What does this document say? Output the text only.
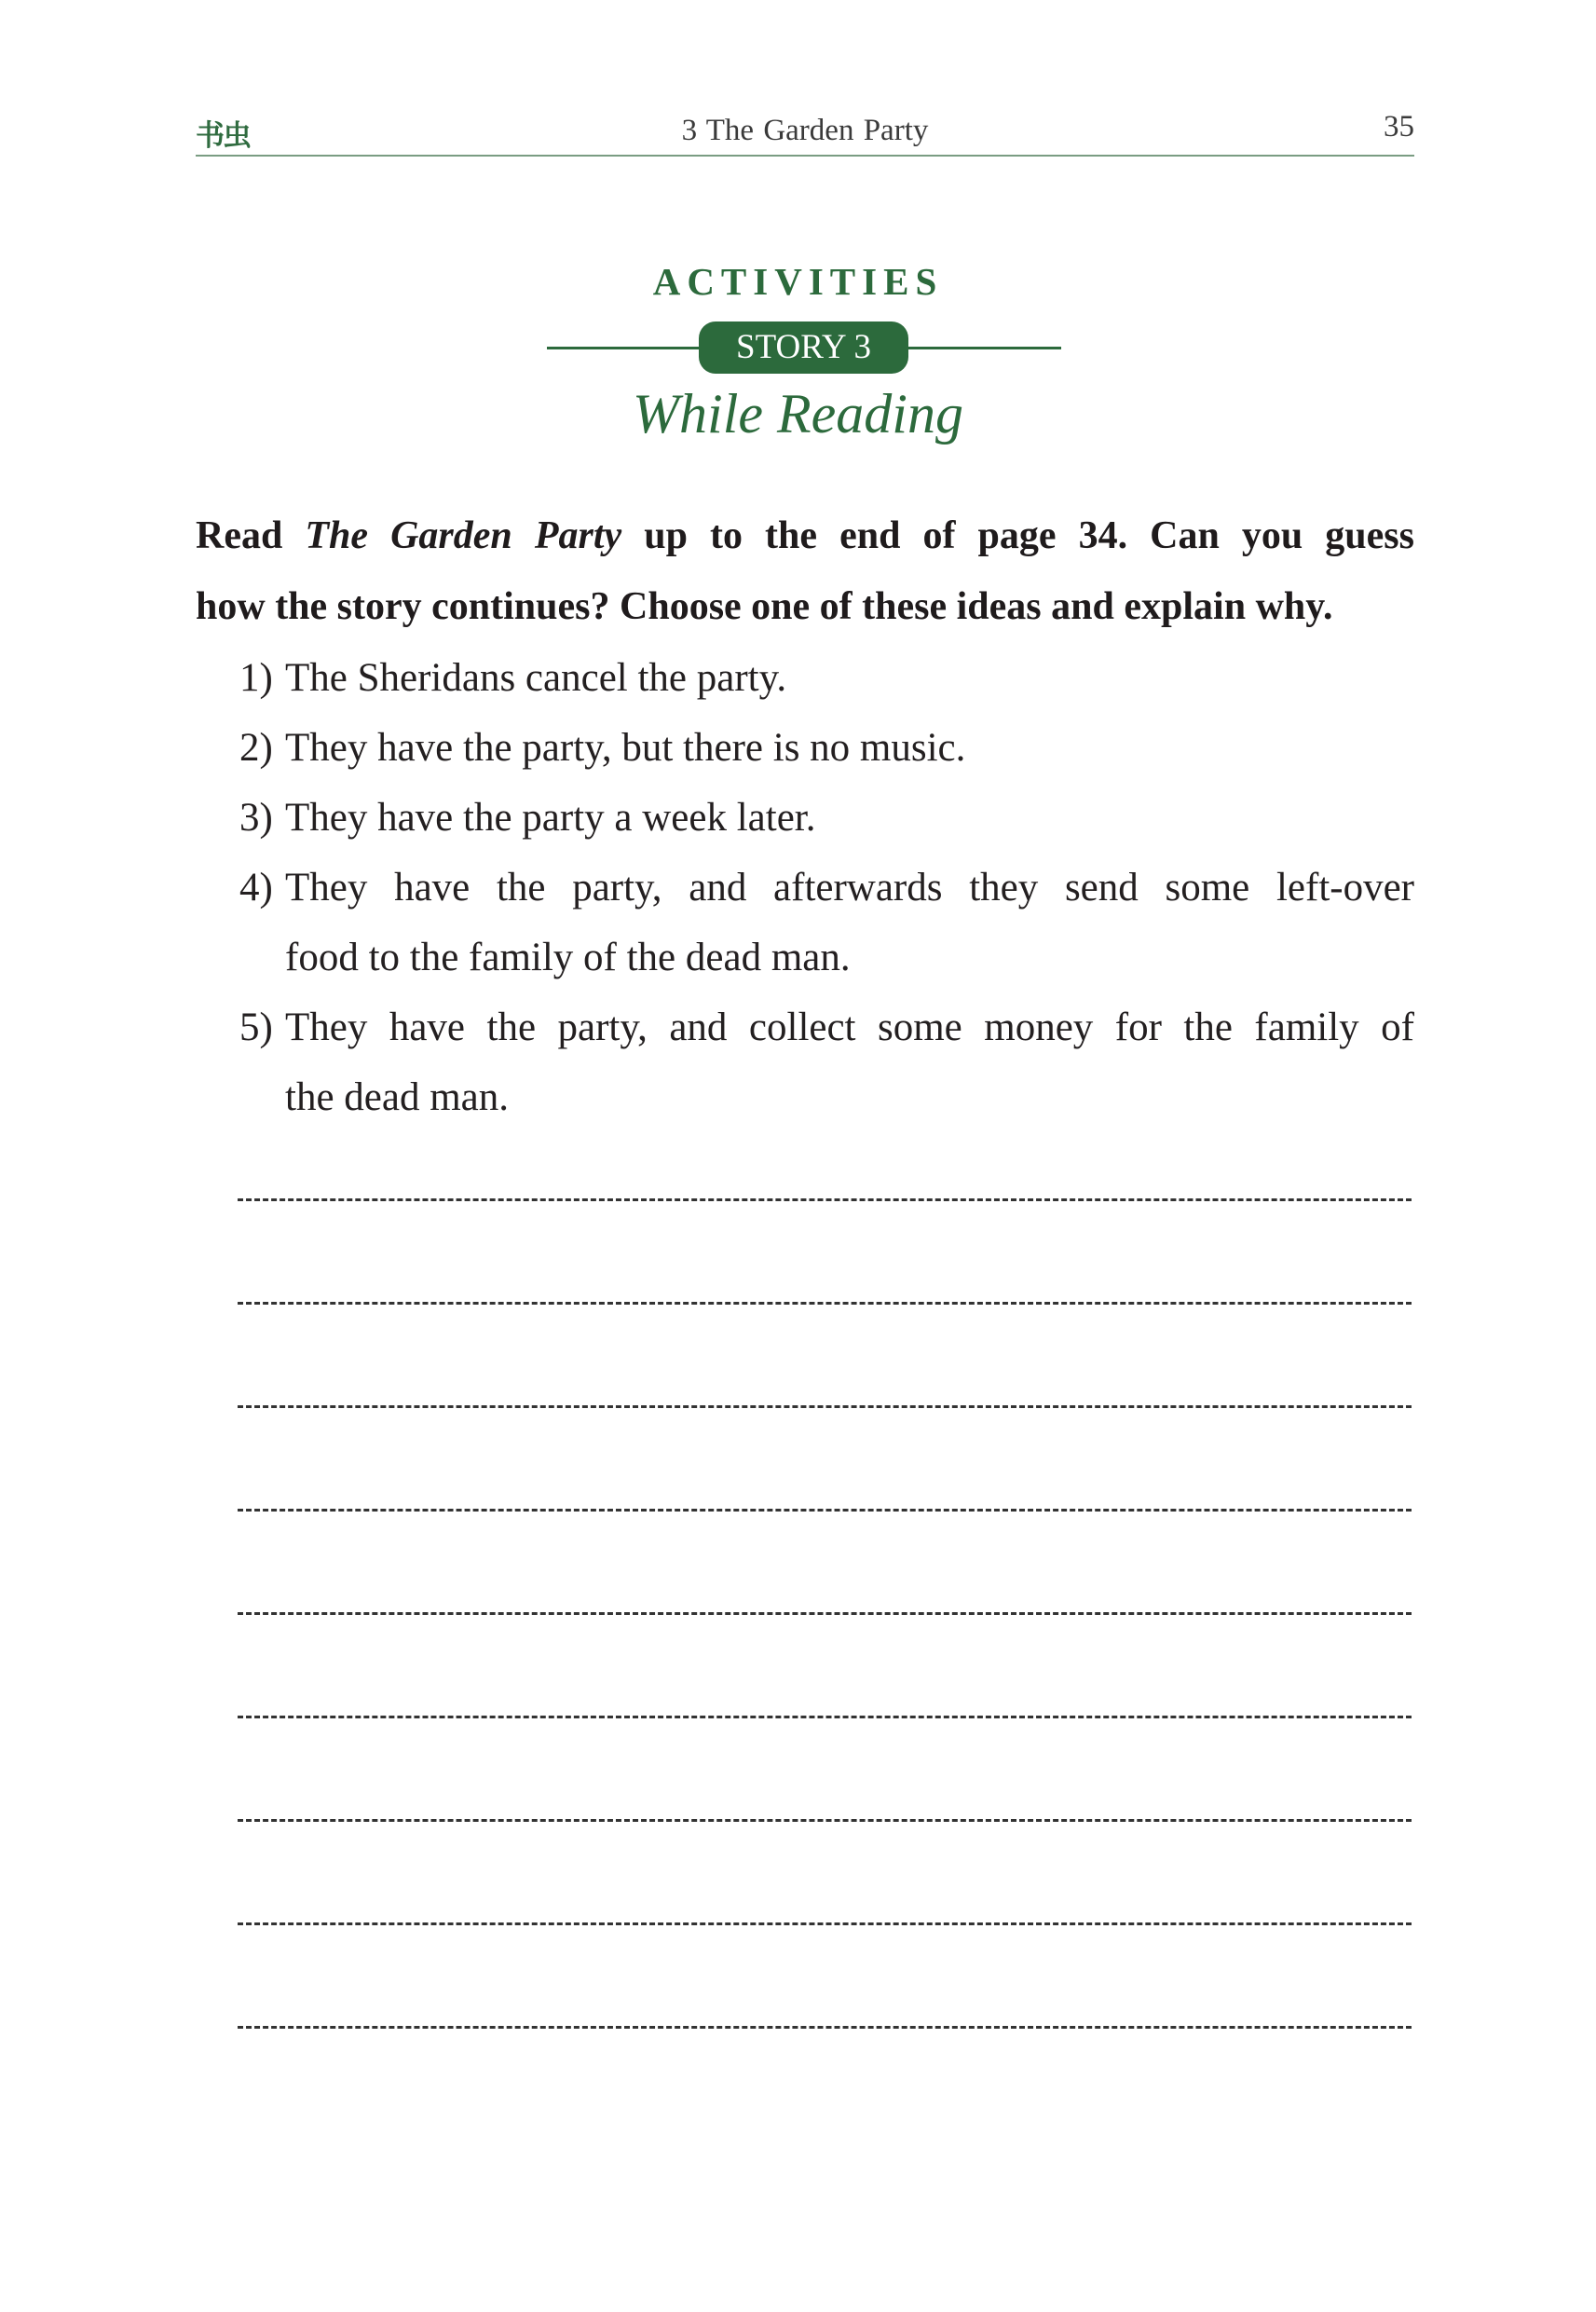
书虫	3 The Garden Party	35
ACTIVITIES
STORY 3
While Reading
Read The Garden Party up to the end of page 34. Can you guess
how the story continues? Choose one of these ideas and explain why.
1) The Sheridans cancel the party.
2) They have the party, but there is no music.
3) They have the party a week later.
4) They have the party, and afterwards they send some left-over
food to the family of the dead man.
5) They have the party, and collect some money for the family of
the dead man.
